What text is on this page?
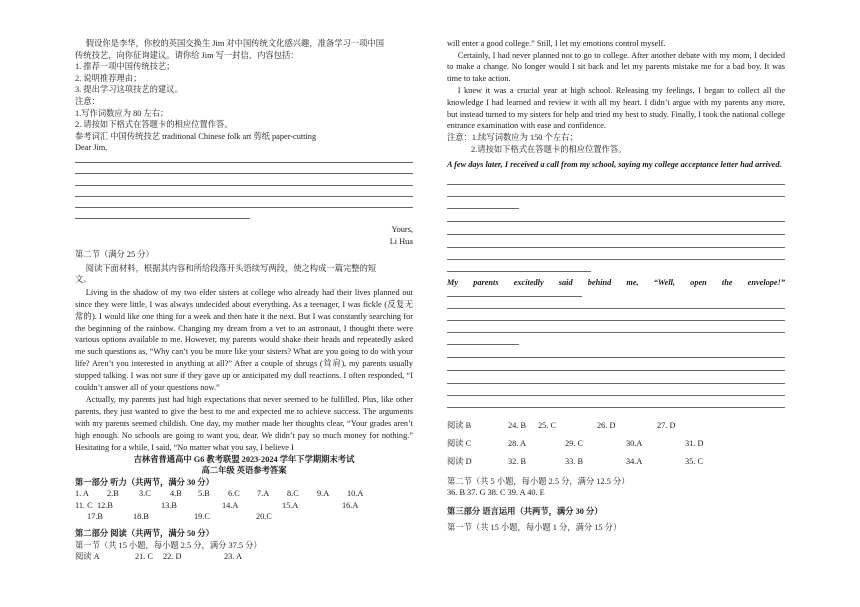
假设你是李华，你校的英国交换生 Jim 对中国传统文化感兴趣，准备学习一项中国
传统技艺，向你征询建议。请你给 Jim 写一封信，内容包括：
1. 推荐一项中国传统技艺；
2. 说明推荐理由；
3. 提出学习这项技艺的建议。
注意：
1.写作词数应为 80 左右；
2. 请按如下格式在答题卡的相应位置作答。
参考词汇 中国传统技艺 traditional Chinese folk art 剪纸 paper-cutting
Dear Jim,
Yours,
Li Hua
第二节（满分 25 分）
阅读下面材料，根据其内容和所给段落开头语续写两段，使之构成一篇完整的短
文。
Living in the shadow of my two elder sisters at college who already had their lives planned out since they were little, I was always undecided about everything. As a teenager, I was fickle (反复无常的). I would like one thing for a week and then hate it the next. But I was constantly searching for the beginning of the rainbow. Changing my dream from a vet to an astronaut, I thought there were various options available to me. However, my parents would shake their heads and repeatedly asked me such questions as, “Why can’t you be more like your sisters? What are you going to do with your life? Aren’t you interested in anything at all?” After a couple of shrugs (耸肩), my parents usually stopped talking. I was not sure if they gave up or anticipated my dull reactions. I often responded, “I couldn’t answer all of your questions now.”
Actually, my parents just had high expectations that never seemed to be fulfilled. Plus, like other parents, they just wanted to give the best to me and expected me to achieve success. The arguments with my parents seemed childish. One day, my mother made her thoughts clear, “Your grades aren’t high enough. No schools are going to want you, dear. We didn’t pay so much money for nothing.” Hesitating for a while, I said, “No matter what you say, I believe I
吉林省普通高中 G6 教考联盟 2023-2024 学年下学期期末考试
高二年级 英语参考答案
第一部分 听力（共两节，满分 30 分）
1. A	2.B	3.C	4.B	5.B	6.C	7.A	8.C	9.A	10.A
11. C 12.B	13.B	14.A	15.A	16.A
17.B	18.B	19.C	20.C
第二部分 阅读（共两节，满分 50 分）
第一节（共 15 小题，每小题 2.5 分，满分 37.5 分）
阅读 A	21. C	22. D	23. A
will enter a good college.” Still, I let my emotions control myself.
Certainly, I had never planned not to go to college. After another debate with my mom, I decided to make a change. No longer would I sit back and let my parents mistake me for a bad boy. It was time to take action.
I knew it was a crucial year at high school. Releasing my feelings, I began to collect all the knowledge I had learned and review it with all my heart. I didn’t argue with my parents any more, but instead turned to my sisters for help and tried my best to study. Finally, I took the national college entrance examination with ease and confidence.
注意：1.续写词数应为 150 个左右；
2.请按如下格式在答题卡的相应位置作答。
A few days later, I received a call from my school, saying my college acceptance letter had arrived.
My parents excitedly said behind me, “Well, open the envelope!”
阅读 B	24. B	25. C	26. D	27. D
阅读 C	28. A	29. C	30.A	31. D
阅读 D	32. B	33. B	34.A	35. C
第二节（共 5 小题，每小题 2.5 分，满分 12.5 分）
36. B 37. G 38. C 39. A 40. E
第三部分 语言运用（共两节，满分 30 分）
第一节（共 15 小题，每小题 1 分，满分 15 分）
